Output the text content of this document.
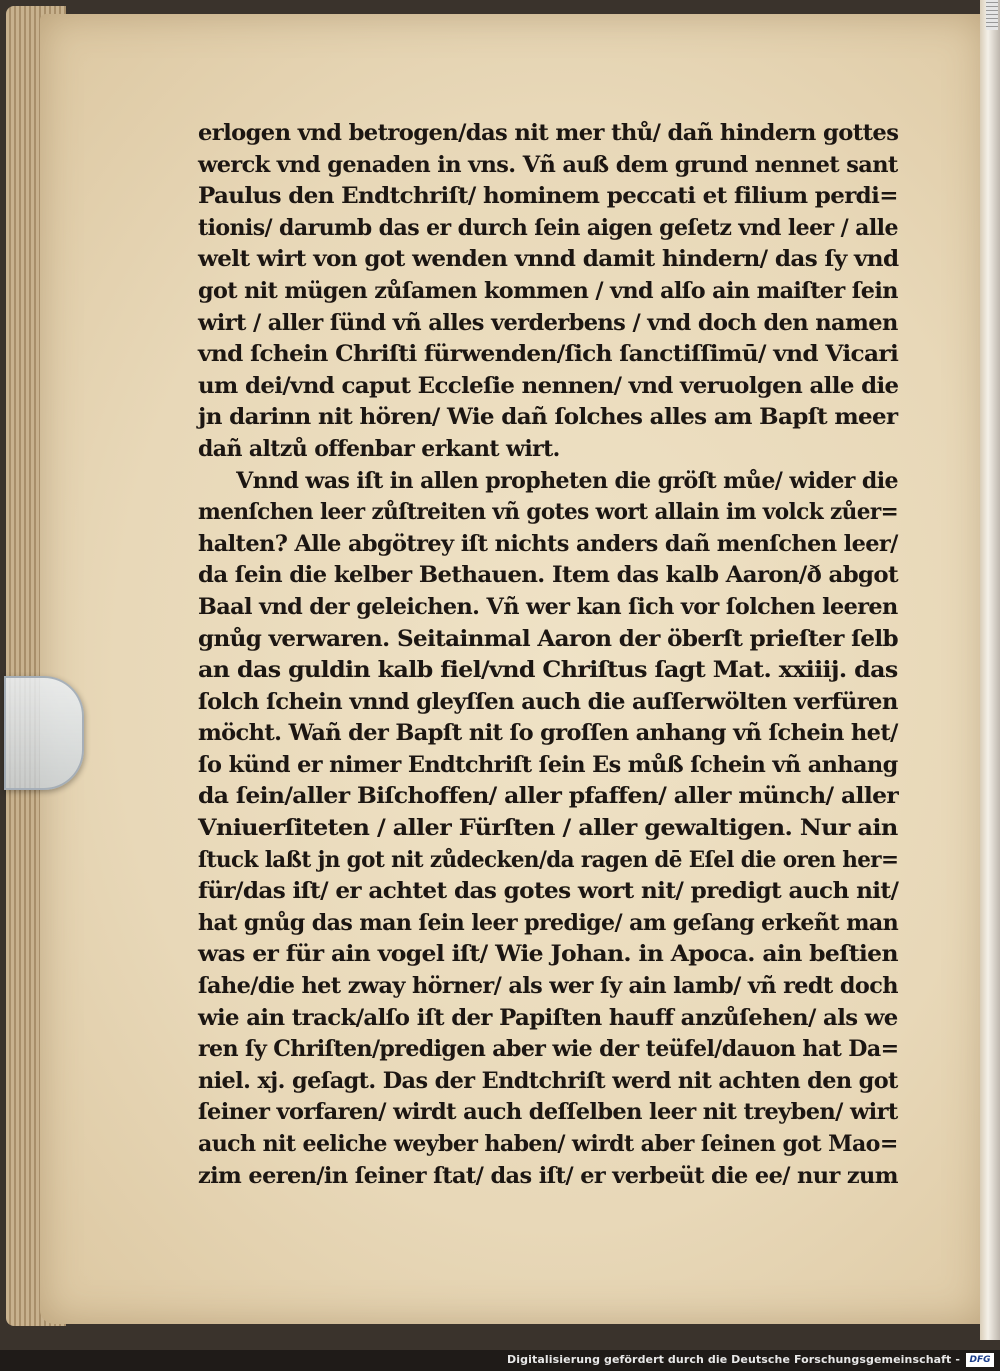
erlogen vnd betrogen/das nit mer thů/ dañ hindern gottes
werck vnd genaden in vns. Vñ auß dem grund nennet sant
Paulus den Endtchriſt/ hominem peccati et filium perdi=
tionis/ darumb das er durch ſein aigen geſetz vnd leer / alle
welt wirt von got wenden vnnd damit hindern/ das ſy vnd
got nit mügen zůſamen kommen / vnd alſo ain maiſter ſein
wirt / aller ſünd vñ alles verderbens / vnd doch den namen
vnd ſchein Chriſti fürwenden/ſich ſanctiſſimū/ vnd Vicari
um dei/vnd caput Eccleſie nennen/ vnd veruolgen alle die
jn darinn nit hören/ Wie dañ ſolches alles am Bapſt meer
dañ altzů offenbar erkant wirt.
Vnnd was iſt in allen propheten die gröſt můe/ wider die
menſchen leer zůſtreiten vñ gotes wort allain im volck zůer=
halten? Alle abgötrey iſt nichts anders dañ menſchen leer/
da ſein die kelber Bethauen. Item das kalb Aaron/ð abgot
Baal vnd der geleichen. Vñ wer kan ſich vor ſolchen leeren
gnůg verwaren. Seitainmal Aaron der öberſt prieſter ſelb
an das guldin kalb fiel/vnd Chriſtus ſagt Mat. xxiiij. das
ſolch ſchein vnnd gleyſſen auch die auſſerwölten verfüren
möcht. Wañ der Bapſt nit ſo groſſen anhang vñ ſchein het/
ſo künd er nimer Endtchriſt ſein Es můß ſchein vñ anhang
da ſein/aller Biſchoffen/ aller pfaffen/ aller münch/ aller
Vniuerſiteten / aller Fürſten / aller gewaltigen. Nur ain
ſtuck laßt jn got nit zůdecken/da ragen dē Eſel die oren her=
für/das iſt/ er achtet das gotes wort nit/ predigt auch nit/
hat gnůg das man ſein leer predige/ am geſang erkeñt man
was er für ain vogel iſt/ Wie Johan. in Apoca. ain beſtien
ſahe/die het zway hörner/ als wer ſy ain lamb/ vñ redt doch
wie ain track/alſo iſt der Papiſten hauff anzůſehen/ als we
ren ſy Chriſten/predigen aber wie der teüfel/dauon hat Da=
niel. xj. geſagt. Das der Endtchriſt werd nit achten den got
ſeiner vorfaren/ wirdt auch deſſelben leer nit treyben/ wirt
auch nit eeliche weyber haben/ wirdt aber ſeinen got Mao=
zim eeren/in ſeiner ſtat/ das iſt/ er verbeüt die ee/ nur zum
Digitalisierung gefördert durch die Deutsche Forschungsgemeinschaft -	DFG
